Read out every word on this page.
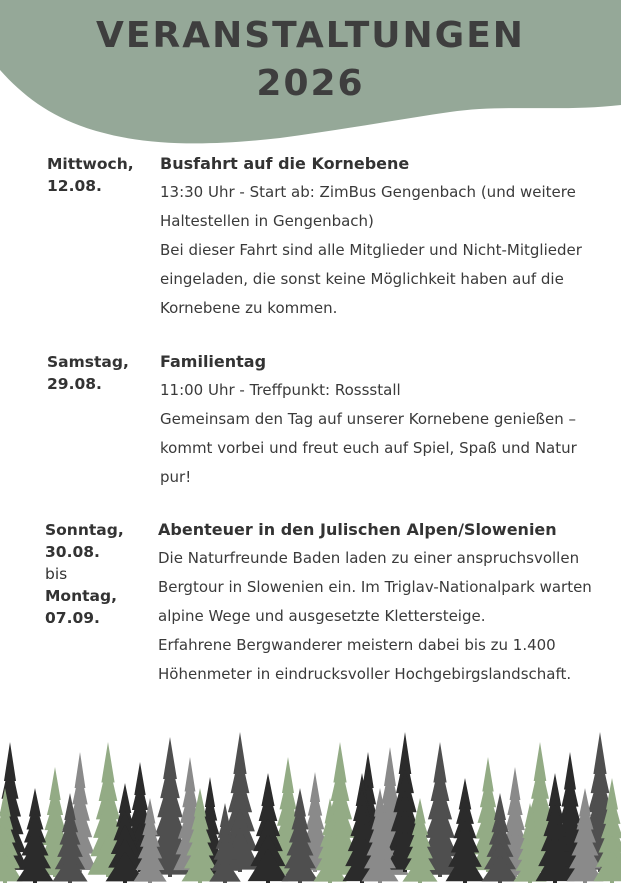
VERANSTALTUNGEN
2026
Mittwoch,
12.08.

Busfahrt auf die Kornebene

13:30 Uhr - Start ab: ZimBus Gengenbach (und weitere

Haltestellen in Gengenbach)

Bei dieser Fahrt sind alle Mitglieder und Nicht-Mitglieder

eingeladen, die sonst keine Möglichkeit haben auf die

Kornebene zu kommen.

Samstag,
29.08.

Familientag

11:00 Uhr - Treffpunkt: Rossstall

Gemeinsam den Tag auf unserer Kornebene genießen –

kommt vorbei und freut euch auf Spiel, Spaß und Natur

pur!

Sonntag,
30.08.
bis
Montag,
07.09.

Abenteuer in den Julischen Alpen/Slowenien

Die Naturfreunde Baden laden zu einer anspruchsvollen

Bergtour in Slowenien ein. Im Triglav-Nationalpark warten

alpine Wege und ausgesetzte Klettersteige.

Erfahrene Bergwanderer meistern dabei bis zu 1.400

Höhenmeter in eindrucksvoller Hochgebirgslandschaft.
